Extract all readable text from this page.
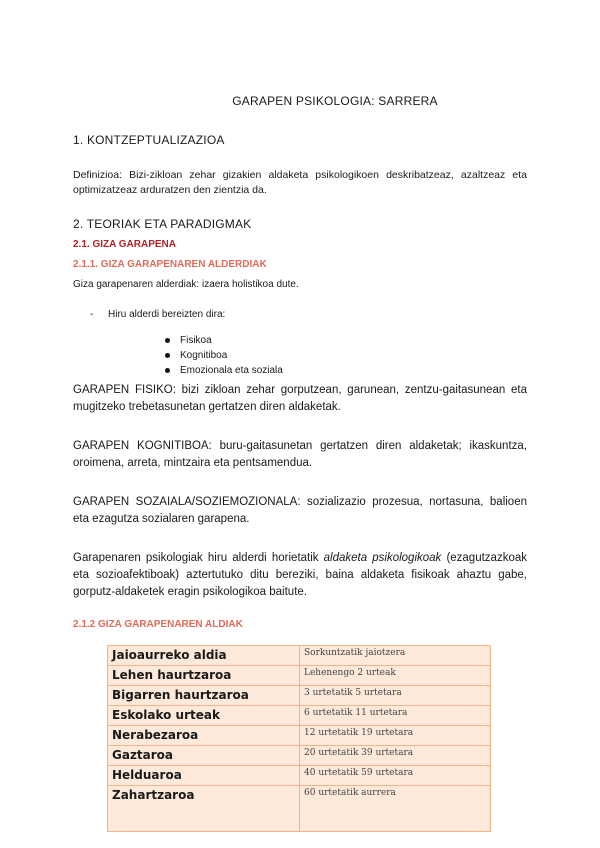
GARAPEN PSIKOLOGIA: SARRERA
1. KONTZEPTUALIZAZIOA
Definizioa: Bizi-zikloan zehar gizakien aldaketa psikologikoen deskribatzeaz, azaltzeaz eta optimizatzeaz arduratzen den zientzia da.
2. TEORIAK ETA PARADIGMAK
2.1. GIZA GARAPENA
2.1.1. GIZA GARAPENAREN ALDERDIAK
Giza garapenaren alderdiak: izaera holistikoa dute.
- Hiru alderdi bereizten dira:
Fisikoa
Kognitiboa
Emozionala eta soziala
GARAPEN FISIKO: bizi zikloan zehar gorputzean, garunean, zentzu-gaitasunean eta mugitzeko trebetasunetan gertatzen diren aldaketak.
GARAPEN KOGNITIBOA: buru-gaitasunetan gertatzen diren aldaketak; ikaskuntza, oroimena, arreta, mintzaira eta pentsamendua.
GARAPEN SOZAIALA/SOZIEMOZIONALA: sozializazio prozesua, nortasuna, balioen eta ezagutza sozialaren garapena.
Garapenaren psikologiak hiru alderdi horietatik aldaketa psikologikoak (ezagutzazkoak eta sozioafektiboak) aztertutuko ditu bereziki, baina aldaketa fisikoak ahaztu gabe, gorputz-aldaketek eragin psikologikoa baitute.
2.1.2 GIZA GARAPENAREN ALDIAK
Jaioaurreko aldia	Sorkuntzatik jaiotzera
Lehen haurtzaroa	Lehenengo 2 urteak
Bigarren haurtzaroa	3 urtetatik 5 urtetara
Eskolako urteak	6 urtetatik 11 urtetara
Nerabezaroa	12 urtetatik 19 urtetara
Gaztaroa	20 urtetatik 39 urtetara
Helduaroa	40 urtetatik 59 urtetara
Zahartzaroa	60 urtetatik aurrera
